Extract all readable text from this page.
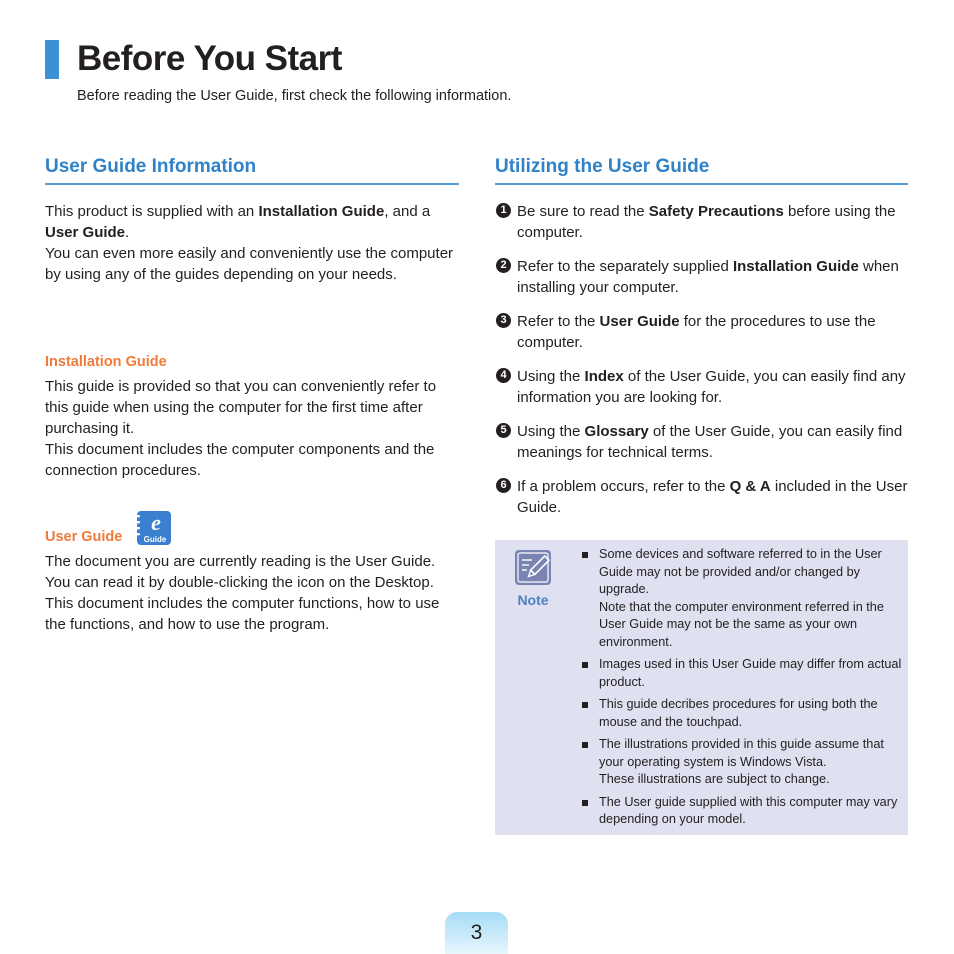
Before You Start
Before reading the User Guide, first check the following information.
User Guide Information

This product is supplied with an Installation Guide, and a User Guide.

You can even more easily and conveniently use the computer by using any of the guides depending on your needs.

Installation Guide

This guide is provided so that you can conveniently refer to this guide when using the computer for the first time after purchasing it.

This document includes the computer components and the connection procedures.

User Guide
e
Guide

The document you are currently reading is the User Guide. You can read it by double-clicking the icon on the Desktop.

This document includes the computer functions, how to use the functions, and how to use the program.

Utilizing the User Guide
1 Be sure to read the Safety Precautions before using the computer.
2 Refer to the separately supplied Installation Guide when installing your computer.
3 Refer to the User Guide for the procedures to use the computer.
4 Using the Index of the User Guide, you can easily find any information you are looking for.
5 Using the Glossary of the User Guide, you can easily find meanings for technical terms.
6 If a problem occurs, refer to the Q & A included in the User Guide.
Note
Some devices and software referred to in the User Guide may not be provided and/or changed by upgrade.
Note that the computer environment referred in the User Guide may not be the same as your own environment.
Images used in this User Guide may differ from actual product.
This guide decribes procedures for using both the mouse and the touchpad.
The illustrations provided in this guide assume that your operating system is Windows Vista.
These illustrations are subject to change.
The User guide supplied with this computer may vary depending on your model.
3
